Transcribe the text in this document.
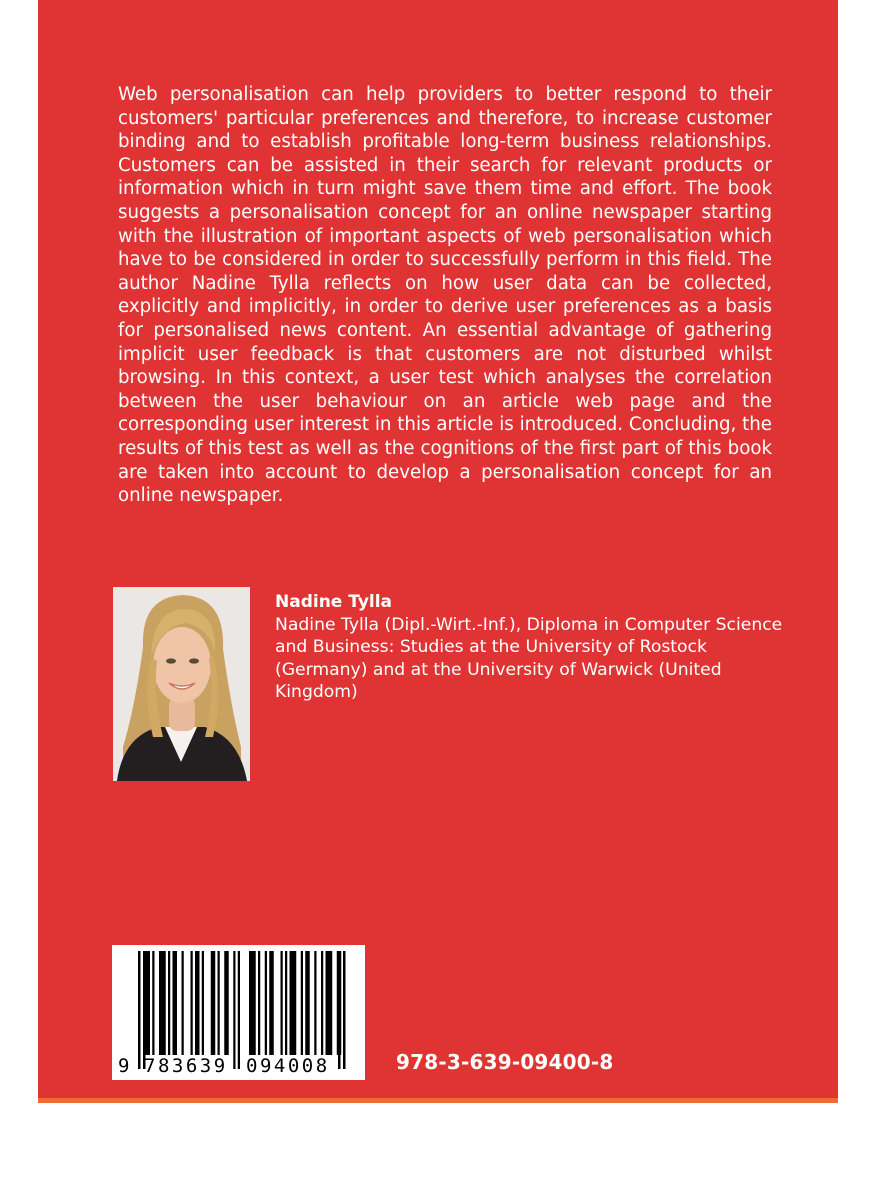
Web personalisation can help providers to better respond to their customers' particular preferences and therefore, to increase customer binding and to establish profitable long-term business relationships. Customers can be assisted in their search for relevant products or information which in turn might save them time and effort. The book suggests a personalisation concept for an online newspaper starting with the illustration of important aspects of web personalisation which have to be considered in order to successfully perform in this field. The author Nadine Tylla reflects on how user data can be collected, explicitly and implicitly, in order to derive user preferences as a basis for personalised news content. An essential advantage of gathering implicit user feedback is that customers are not disturbed whilst browsing. In this context, a user test which analyses the correlation between the user behaviour on an article web page and the corresponding user interest in this article is introduced. Concluding, the results of this test as well as the cognitions of the first part of this book are taken into account to develop a personalisation concept for an online newspaper.

Nadine Tylla

Nadine Tylla (Dipl.-Wirt.-Inf.), Diploma in Computer Science and Business: Studies at the University of Rostock (Germany) and at the University of Warwick (United Kingdom)

9 783639 094008	978-3-639-09400-8
